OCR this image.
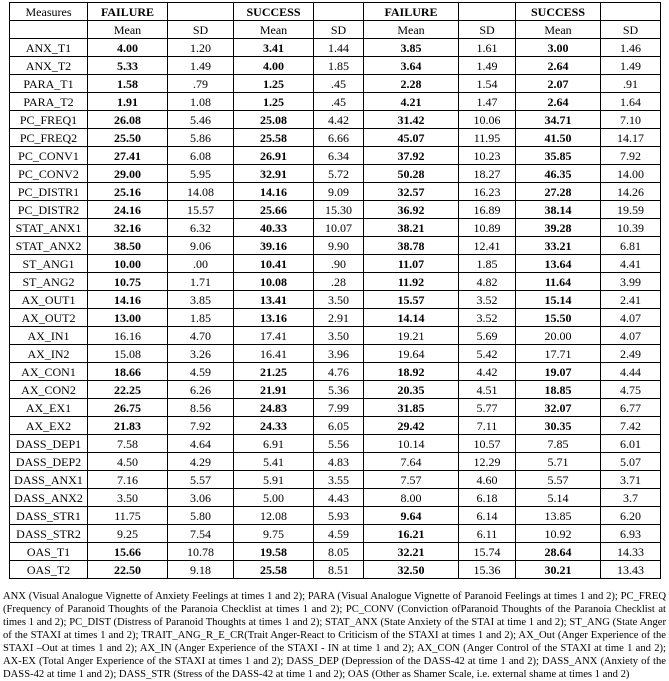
Measures	FAILURE		SUCCESS		FAILURE		SUCCESS	
	Mean	SD	Mean	SD	Mean	SD	Mean	SD
ANX_T1	4.00	1.20	3.41	1.44	3.85	1.61	3.00	1.46
ANX_T2	5.33	1.49	4.00	1.85	3.64	1.49	2.64	1.49
PARA_T1	1.58	.79	1.25	.45	2.28	1.54	2.07	.91
PARA_T2	1.91	1.08	1.25	.45	4.21	1.47	2.64	1.64
PC_FREQ1	26.08	5.46	25.08	4.42	31.42	10.06	34.71	7.10
PC_FREQ2	25.50	5.86	25.58	6.66	45.07	11.95	41.50	14.17
PC_CONV1	27.41	6.08	26.91	6.34	37.92	10.23	35.85	7.92
PC_CONV2	29.00	5.95	32.91	5.72	50.28	18.27	46.35	14.00
PC_DISTR1	25.16	14.08	14.16	9.09	32.57	16.23	27.28	14.26
PC_DISTR2	24.16	15.57	25.66	15.30	36.92	16.89	38.14	19.59
STAT_ANX1	32.16	6.32	40.33	10.07	38.21	10.89	39.28	10.39
STAT_ANX2	38.50	9.06	39.16	9.90	38.78	12.41	33.21	6.81
ST_ANG1	10.00	.00	10.41	.90	11.07	1.85	13.64	4.41
ST_ANG2	10.75	1.71	10.08	.28	11.92	4.82	11.64	3.99
AX_OUT1	14.16	3.85	13.41	3.50	15.57	3.52	15.14	2.41
AX_OUT2	13.00	1.85	13.16	2.91	14.14	3.52	15.50	4.07
AX_IN1	16.16	4.70	17.41	3.50	19.21	5.69	20.00	4.07
AX_IN2	15.08	3.26	16.41	3.96	19.64	5.42	17.71	2.49
AX_CON1	18.66	4.59	21.25	4.76	18.92	4.42	19.07	4.44
AX_CON2	22.25	6.26	21.91	5.36	20.35	4.51	18.85	4.75
AX_EX1	26.75	8.56	24.83	7.99	31.85	5.77	32.07	6.77
AX_EX2	21.83	7.92	24.33	6.05	29.42	7.11	30.35	7.42
DASS_DEP1	7.58	4.64	6.91	5.56	10.14	10.57	7.85	6.01
DASS_DEP2	4.50	4.29	5.41	4.83	7.64	12.29	5.71	5.07
DASS_ANX1	7.16	5.57	5.91	3.55	7.57	4.60	5.57	3.71
DASS_ANX2	3.50	3.06	5.00	4.43	8.00	6.18	5.14	3.7
DASS_STR1	11.75	5.80	12.08	5.93	9.64	6.14	13.85	6.20
DASS_STR2	9.25	7.54	9.75	4.59	16.21	6.11	10.92	6.93
OAS_T1	15.66	10.78	19.58	8.05	32.21	15.74	28.64	14.33
OAS_T2	22.50	9.18	25.58	8.51	32.50	15.36	30.21	13.43

ANX (Visual Analogue Vignette of Anxiety Feelings at times 1 and 2); PARA (Visual Analogue Vignette of Paranoid Feelings at times 1 and 2); PC_FREQ (Frequency of Paranoid Thoughts of the Paranoia Checklist at times 1 and 2); PC_CONV (Conviction ofParanoid Thoughts of the Paranoia Checklist at times 1 and 2); PC_DIST (Distress of Paranoid Thoughts at times 1 and 2); STAT_ANX (State Anxiety of the STAI at time 1 and 2); ST_ANG (State Anger of the STAXI at times 1 and 2); TRAIT_ANG_R_E_CR(Trait Anger-React to Criticism of the STAXI at times 1 and 2); AX_Out (Anger Experience of the STAXI –Out at times 1 and 2); AX_IN (Anger Experience of the STAXI - IN at time 1 and 2); AX_CON (Anger Control of the STAXI at time 1 and 2); AX-EX (Total Anger Experience of the STAXI at times 1 and 2); DASS_DEP (Depression of the DASS-42 at time 1 and 2); DASS_ANX (Anxiety of the DASS-42 at time 1 and 2); DASS_STR (Stress of the DASS-42 at time 1 and 2); OAS (Other as Shamer Scale, i.e. external shame at times 1 and 2)
